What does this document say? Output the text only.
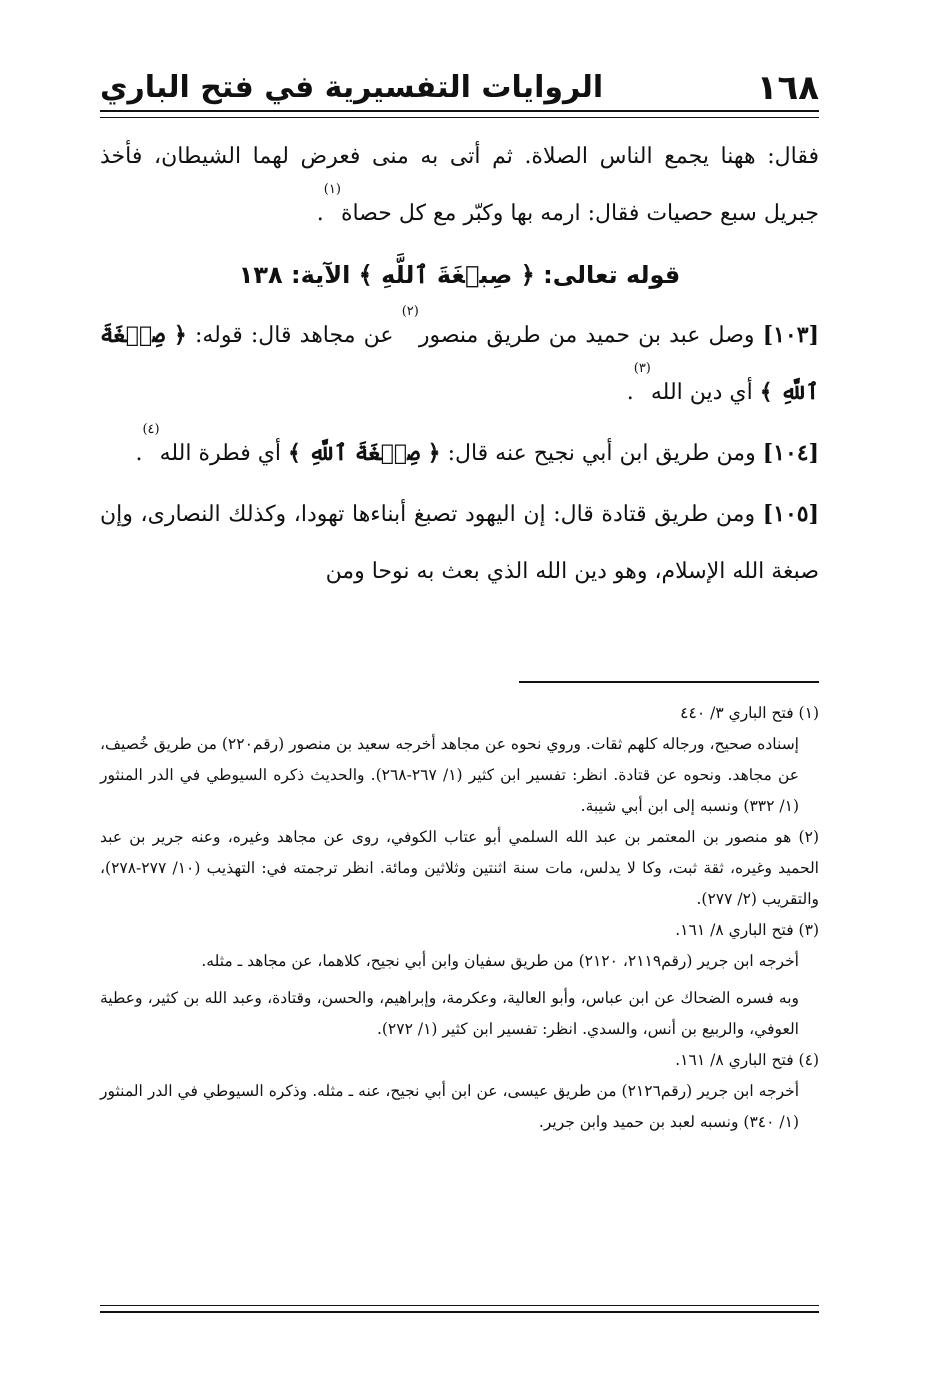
١٦٨
الروايات التفسيرية في فتح الباري

فقال: ههنا يجمع الناس الصلاة. ثم أتى به منى فعرض لهما الشيطان، فأخذ جبريل سبع حصيات فقال: ارمه بها وكبّر مع كل حصاة$^{(١)}$.

قوله تعالى: ﴿ صِبۡغَةَ ٱللَّهِ ﴾ الآية: ١٣٨

[١٠٣] وصل عبد بن حميد من طريق منصور$^{(٢)}$ عن مجاهد قال: قوله: ﴿ صِبۡغَةَ ٱللَّهِ ﴾ أي دين الله$^{(٣)}$.

[١٠٤] ومن طريق ابن أبي نجيح عنه قال: ﴿ صِبۡغَةَ ٱللَّهِ ﴾ أي فطرة الله$^{(٤)}$.

[١٠٥] ومن طريق قتادة قال: إن اليهود تصبغ أبناءها تهودا، وكذلك النصارى، وإن صبغة الله الإسلام، وهو دين الله الذي بعث به نوحا ومن

(١) فتح الباري ٣/ ٤٤٠

إسناده صحيح، ورجاله كلهم ثقات. وروي نحوه عن مجاهد أخرجه سعيد بن منصور (رقم٢٢٠) من طريق خُصيف، عن مجاهد. ونحوه عن قتادة. انظر: تفسير ابن كثير (١/ ٢٦٧-٢٦٨). والحديث ذكره السيوطي في الدر المنثور (١/ ٣٣٢) ونسبه إلى ابن أبي شيبة.

(٢) هو منصور بن المعتمر بن عبد الله السلمي أبو عتاب الكوفي، روى عن مجاهد وغيره، وعنه جرير بن عبد الحميد وغيره، ثقة ثبت، وكا لا يدلس، مات سنة اثنتين وثلاثين ومائة. انظر ترجمته في: التهذيب (١٠/ ٢٧٧-٢٧٨)، والتقريب (٢/ ٢٧٧).

(٣) فتح الباري ٨/ ١٦١.

أخرجه ابن جرير (رقم٢١١٩، ٢١٢٠) من طريق سفيان وابن أبي نجيح، كلاهما، عن مجاهد ـ مثله.

وبه فسره الضحاك عن ابن عباس، وأبو العالية، وعكرمة، وإبراهيم، والحسن، وقتادة، وعبد الله بن كثير، وعطية العوفي، والربيع بن أنس، والسدي. انظر: تفسير ابن كثير (١/ ٢٧٢).

(٤) فتح الباري ٨/ ١٦١.

أخرجه ابن جرير (رقم٢١٢٦) من طريق عيسى، عن ابن أبي نجيح، عنه ـ مثله. وذكره السيوطي في الدر المنثور (١/ ٣٤٠) ونسبه لعبد بن حميد وابن جرير.
